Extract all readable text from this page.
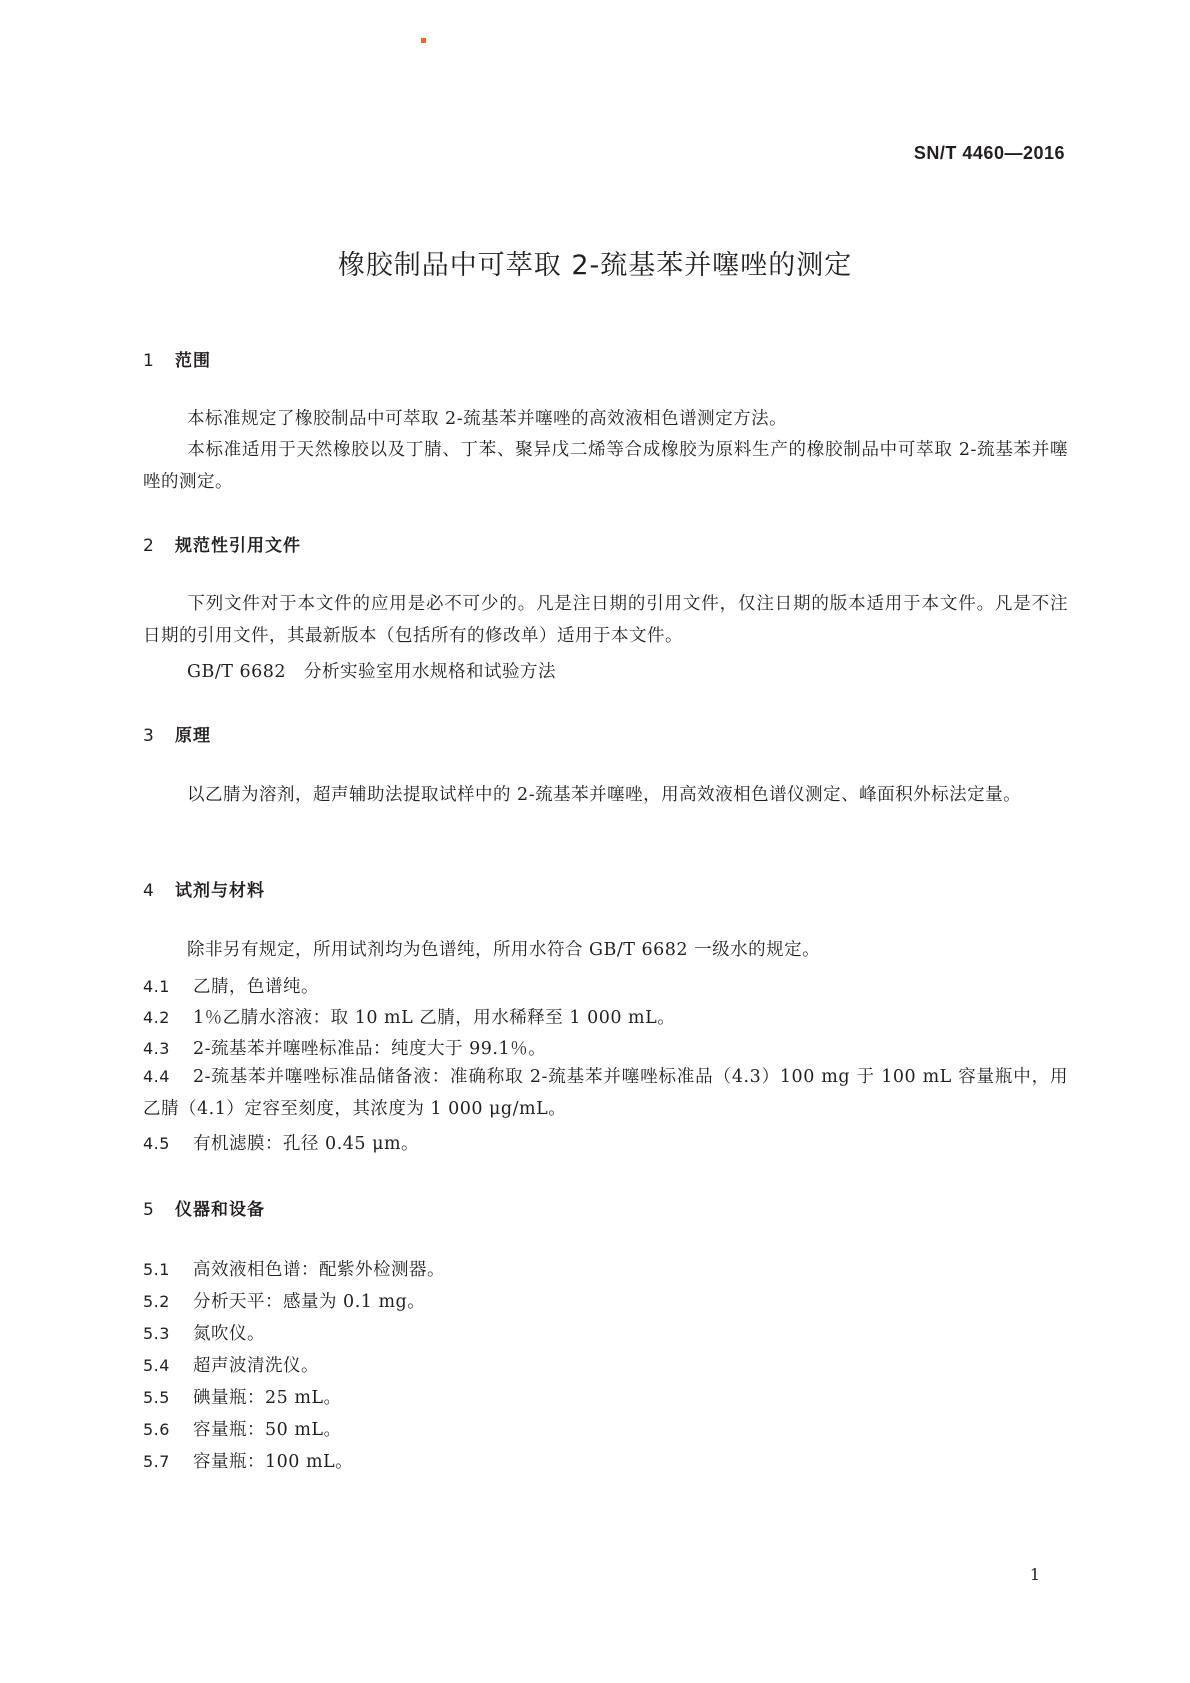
SN/T 4460—2016
橡胶制品中可萃取 2-巯基苯并噻唑的测定
1 范围
本标准规定了橡胶制品中可萃取 2-巯基苯并噻唑的高效液相色谱测定方法。
本标准适用于天然橡胶以及丁腈、丁苯、聚异戊二烯等合成橡胶为原料生产的橡胶制品中可萃取 2-巯基苯并噻唑的测定。
2 规范性引用文件
下列文件对于本文件的应用是必不可少的。凡是注日期的引用文件，仅注日期的版本适用于本文件。凡是不注日期的引用文件，其最新版本（包括所有的修改单）适用于本文件。
GB/T 6682　分析实验室用水规格和试验方法
3 原理
以乙腈为溶剂，超声辅助法提取试样中的 2-巯基苯并噻唑，用高效液相色谱仪测定、峰面积外标法定量。
4 试剂与材料
除非另有规定，所用试剂均为色谱纯，所用水符合 GB/T 6682 一级水的规定。
4.1 乙腈，色谱纯。
4.2 1％乙腈水溶液：取 10 mL 乙腈，用水稀释至 1 000 mL。
4.3 2-巯基苯并噻唑标准品：纯度大于 99.1％。
4.4 2-巯基苯并噻唑标准品储备液：准确称取 2-巯基苯并噻唑标准品（4.3）100 mg 于 100 mL 容量瓶中，用乙腈（4.1）定容至刻度，其浓度为 1 000 μg/mL。
4.5 有机滤膜：孔径 0.45 μm。
5 仪器和设备
5.1 高效液相色谱：配紫外检测器。
5.2 分析天平：感量为 0.1 mg。
5.3 氮吹仪。
5.4 超声波清洗仪。
5.5 碘量瓶：25 mL。
5.6 容量瓶：50 mL。
5.7 容量瓶：100 mL。
1
